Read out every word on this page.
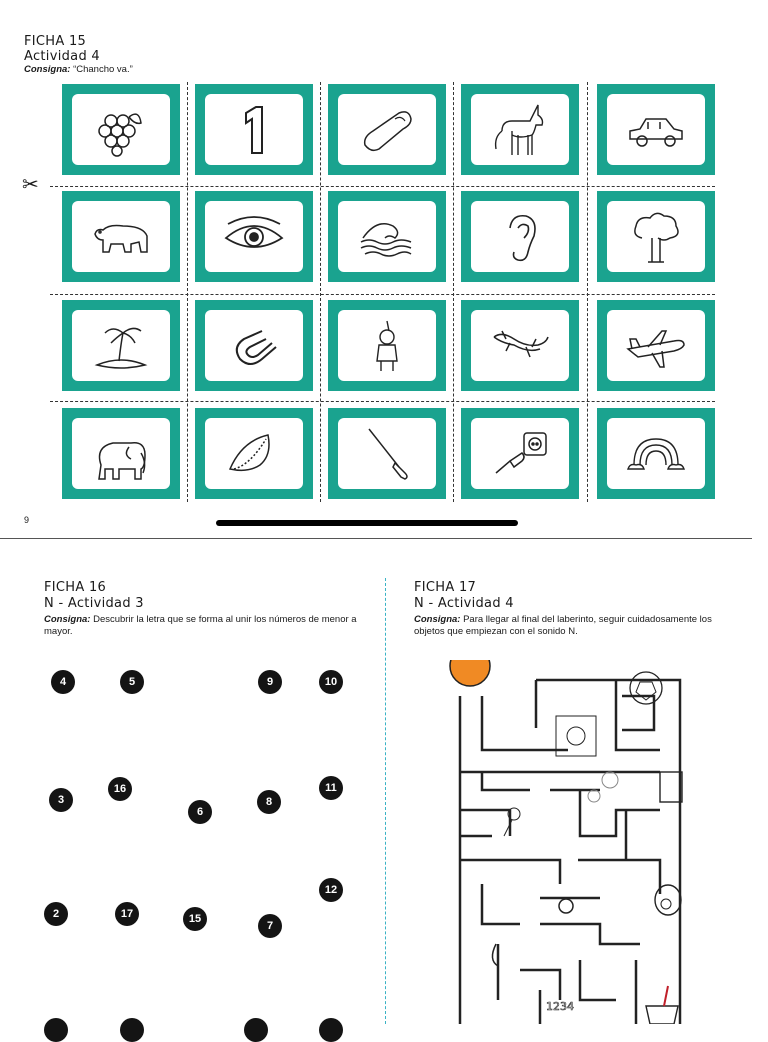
FICHA 15
Actividad 4
Consigna: “Chancho va.”
✂
9
FICHA 16
N - Actividad 3
Consigna: Descubrir la letra que se forma al unir los números de menor a mayor.
4	5	9	10
3
16
6
8
11
12
2	17	15
7
FICHA 17
N - Actividad 4
Consigna: Para llegar al final del laberinto, seguir cuidadosamente los objetos que empiezan con el sonido N.
1234
